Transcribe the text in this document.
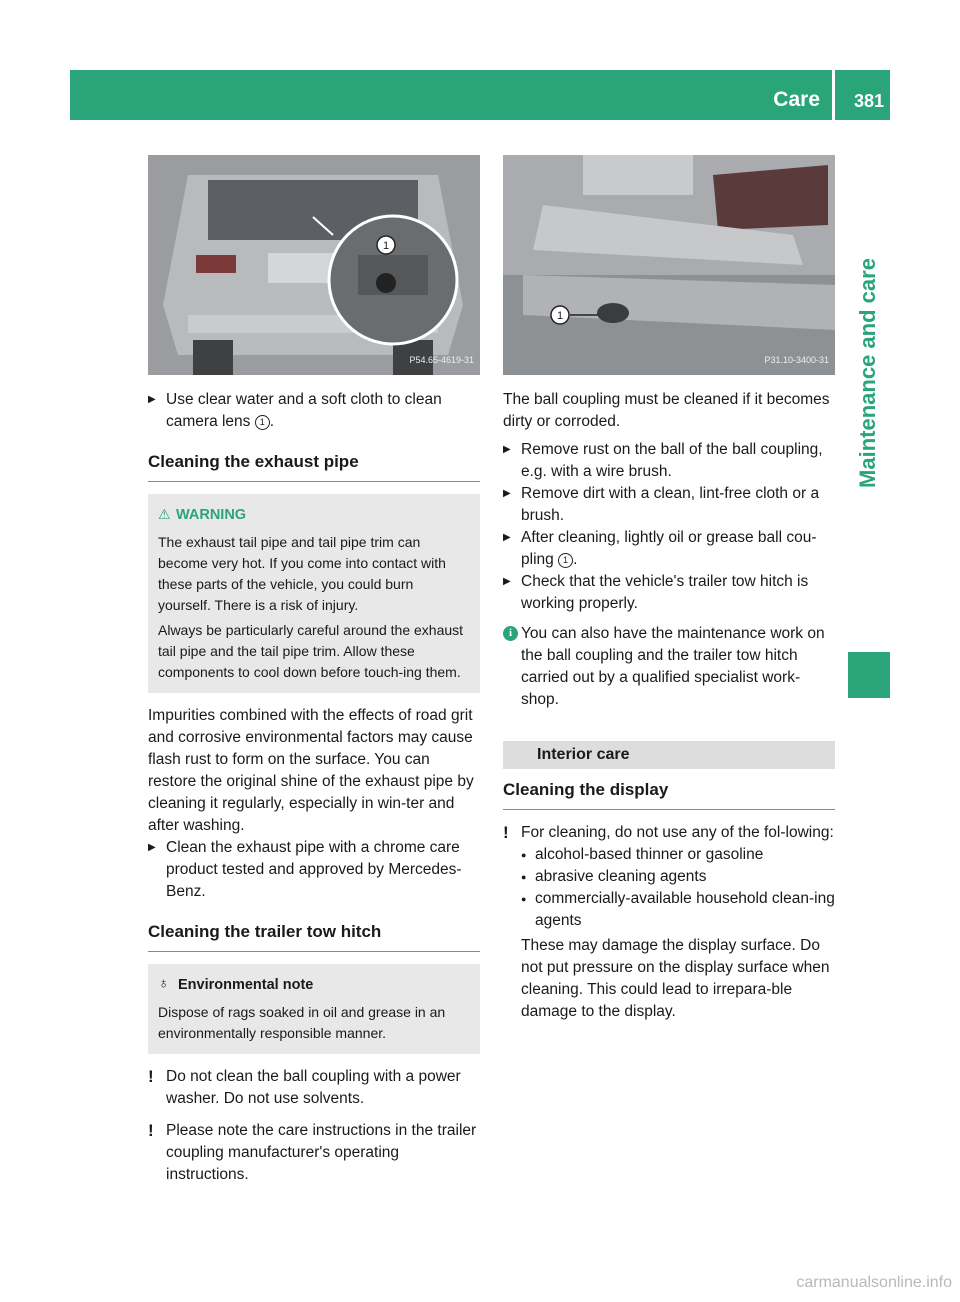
Care 381
Maintenance and care
1
P54.65-4619-31

▶ Use clear water and a soft cloth to clean camera lens 1 .

Cleaning the exhaust pipe
⚠ WARNING

The exhaust tail pipe and tail pipe trim can become very hot. If you come into contact with these parts of the vehicle, you could burn yourself. There is a risk of injury.

Always be particularly careful around the exhaust tail pipe and the tail pipe trim. Allow these components to cool down before touch-ing them.

Impurities combined with the effects of road grit and corrosive environmental factors may cause flash rust to form on the surface. You can restore the original shine of the exhaust pipe by cleaning it regularly, especially in win-ter and after washing.

▶ Clean the exhaust pipe with a chrome care product tested and approved by Mercedes-Benz.

Cleaning the trailer tow hitch
♁ Environmental note

Dispose of rags soaked in oil and grease in an environmentally responsible manner.

! Do not clean the ball coupling with a power washer. Do not use solvents.

! Please note the care instructions in the trailer coupling manufacturer's operating instructions.

1
P31.10-3400-31

The ball coupling must be cleaned if it becomes dirty or corroded.

▶ Remove rust on the ball of the ball coupling, e.g. with a wire brush.

▶ Remove dirt with a clean, lint-free cloth or a brush.

▶ After cleaning, lightly oil or grease ball cou-pling 1 .

▶ Check that the vehicle's trailer tow hitch is working properly.

i You can also have the maintenance work on the ball coupling and the trailer tow hitch carried out by a qualified specialist work-shop.

Interior care
Cleaning the display

! For cleaning, do not use any of the fol-lowing:

● alcohol-based thinner or gasoline

● abrasive cleaning agents

● commercially-available household clean-ing agents

These may damage the display surface. Do not put pressure on the display surface when cleaning. This could lead to irrepara-ble damage to the display.

carmanualsonline.info
